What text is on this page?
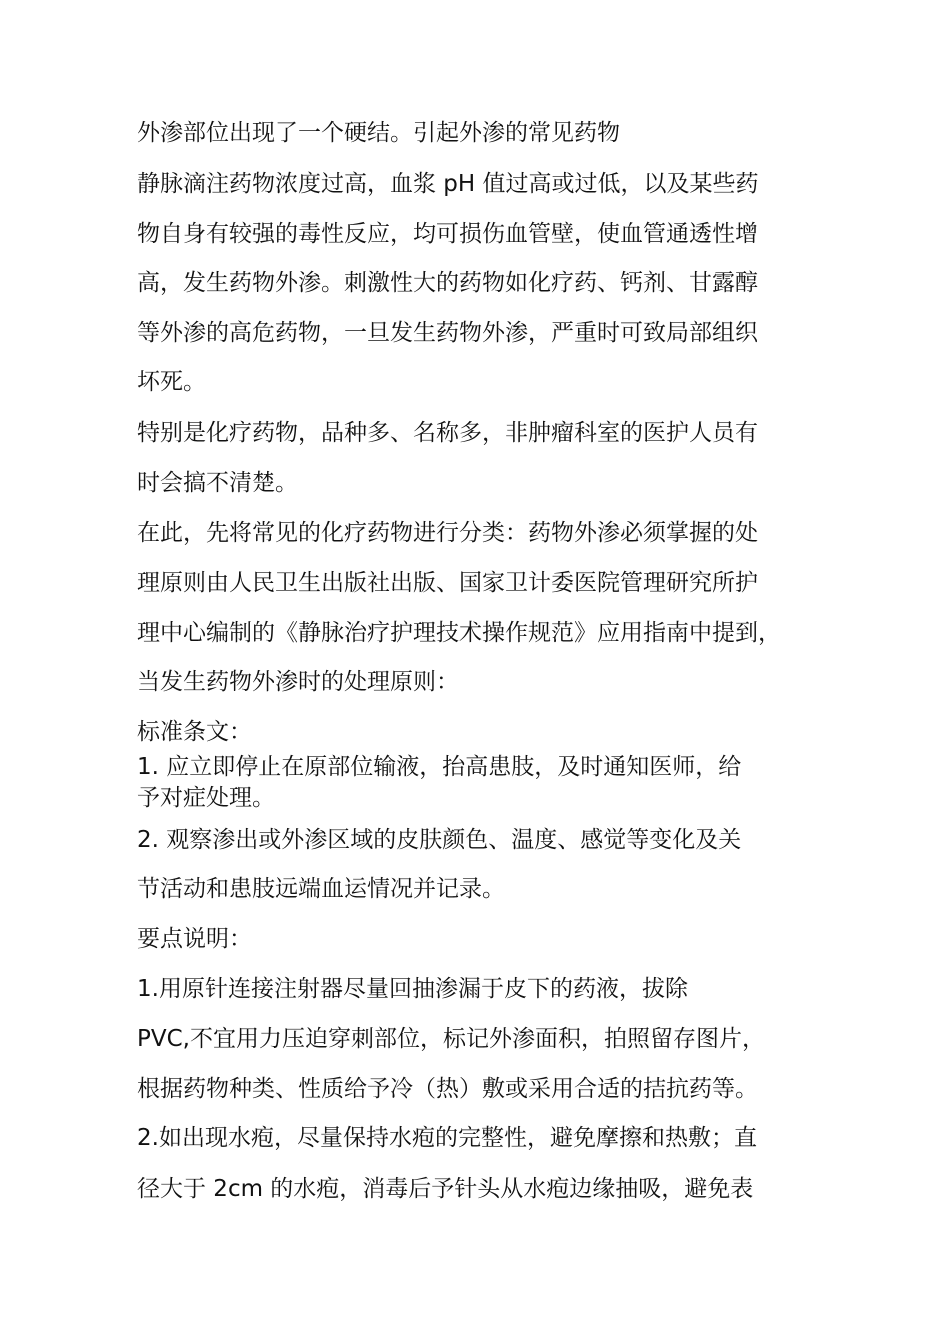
外渗部位出现了一个硬结。引起外渗的常见药物
静脉滴注药物浓度过高，血浆 pH 值过高或过低，以及某些药
物自身有较强的毒性反应，均可损伤血管壁，使血管通透性增
高，发生药物外渗。刺激性大的药物如化疗药、钙剂、甘露醇
等外渗的高危药物，一旦发生药物外渗，严重时可致局部组织
坏死。
特别是化疗药物，品种多、名称多，非肿瘤科室的医护人员有
时会搞不清楚。
在此，先将常见的化疗药物进行分类：药物外渗必须掌握的处
理原则由人民卫生出版社出版、国家卫计委医院管理研究所护
理中心编制的《静脉治疗护理技术操作规范》应用指南中提到，
当发生药物外渗时的处理原则：
标准条文：
1. 应立即停止在原部位输液，抬高患肢，及时通知医师，给
予对症处理。
2. 观察渗出或外渗区域的皮肤颜色、温度、感觉等变化及关
节活动和患肢远端血运情况并记录。
要点说明：
1.用原针连接注射器尽量回抽渗漏于皮下的药液，拔除
PVC,不宜用力压迫穿刺部位，标记外渗面积，拍照留存图片，
根据药物种类、性质给予冷（热）敷或采用合适的拮抗药等。
2.如出现水疱，尽量保持水疱的完整性，避免摩擦和热敷；直
径大于 2cm 的水疱，消毒后予针头从水疱边缘抽吸，避免表
